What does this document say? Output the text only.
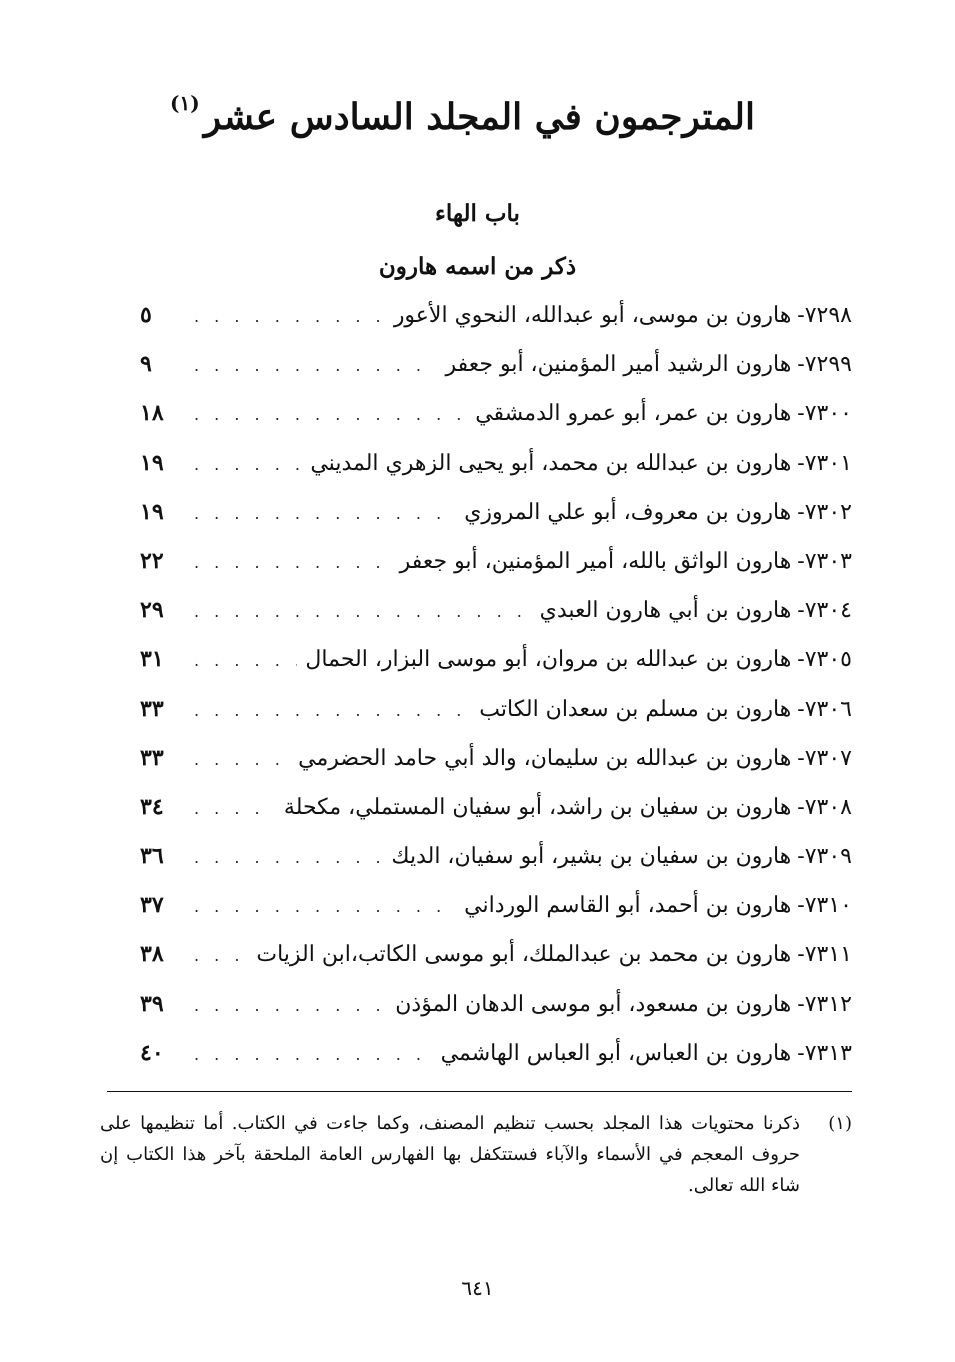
المترجمون في المجلد السادس عشر$^{(١)}$
باب الهاء
ذكر من اسمه هارون
٧٢٩٨-
هارون بن موسى، أبو عبدالله، النحوي الأعور
. . .
٥
٧٢٩٩-
هارون الرشيد أمير المؤمنين، أبو جعفر
. . .
٩
٧٣٠٠-
هارون بن عمر، أبو عمرو الدمشقي
. . .
١٨
٧٣٠١-
هارون بن عبدالله بن محمد، أبو يحيى الزهري المديني
. . .
١٩
٧٣٠٢-
هارون بن معروف، أبو علي المروزي
. . .
١٩
٧٣٠٣-
هارون الواثق بالله، أمير المؤمنين، أبو جعفر
. . .
٢٢
٧٣٠٤-
هارون بن أبي هارون العبدي
. . .
٢٩
٧٣٠٥-
هارون بن عبدالله بن مروان، أبو موسى البزار، الحمال
. . .
٣١
٧٣٠٦-
هارون بن مسلم بن سعدان الكاتب
. . .
٣٣
٧٣٠٧-
هارون بن عبدالله بن سليمان، والد أبي حامد الحضرمي
. . .
٣٣
٧٣٠٨-
هارون بن سفيان بن راشد، أبو سفيان المستملي، مكحلة
. . .
٣٤
٧٣٠٩-
هارون بن سفيان بن بشير، أبو سفيان، الديك
. . .
٣٦
٧٣١٠-
هارون بن أحمد، أبو القاسم الورداني
. . .
٣٧
٧٣١١-
هارون بن محمد بن عبدالملك، أبو موسى الكاتب،ابن الزيات
. . .
٣٨
٧٣١٢-
هارون بن مسعود، أبو موسى الدهان المؤذن
. . .
٣٩
٧٣١٣-
هارون بن العباس، أبو العباس الهاشمي
. . .
٤٠
(١)ذكرنا محتويات هذا المجلد بحسب تنظيم المصنف، وكما جاءت في الكتاب. أما تنظيمها على حروف المعجم في الأسماء والآباء فستتكفل بها الفهارس العامة الملحقة بآخر هذا الكتاب إن شاء الله تعالى.
٦٤١
